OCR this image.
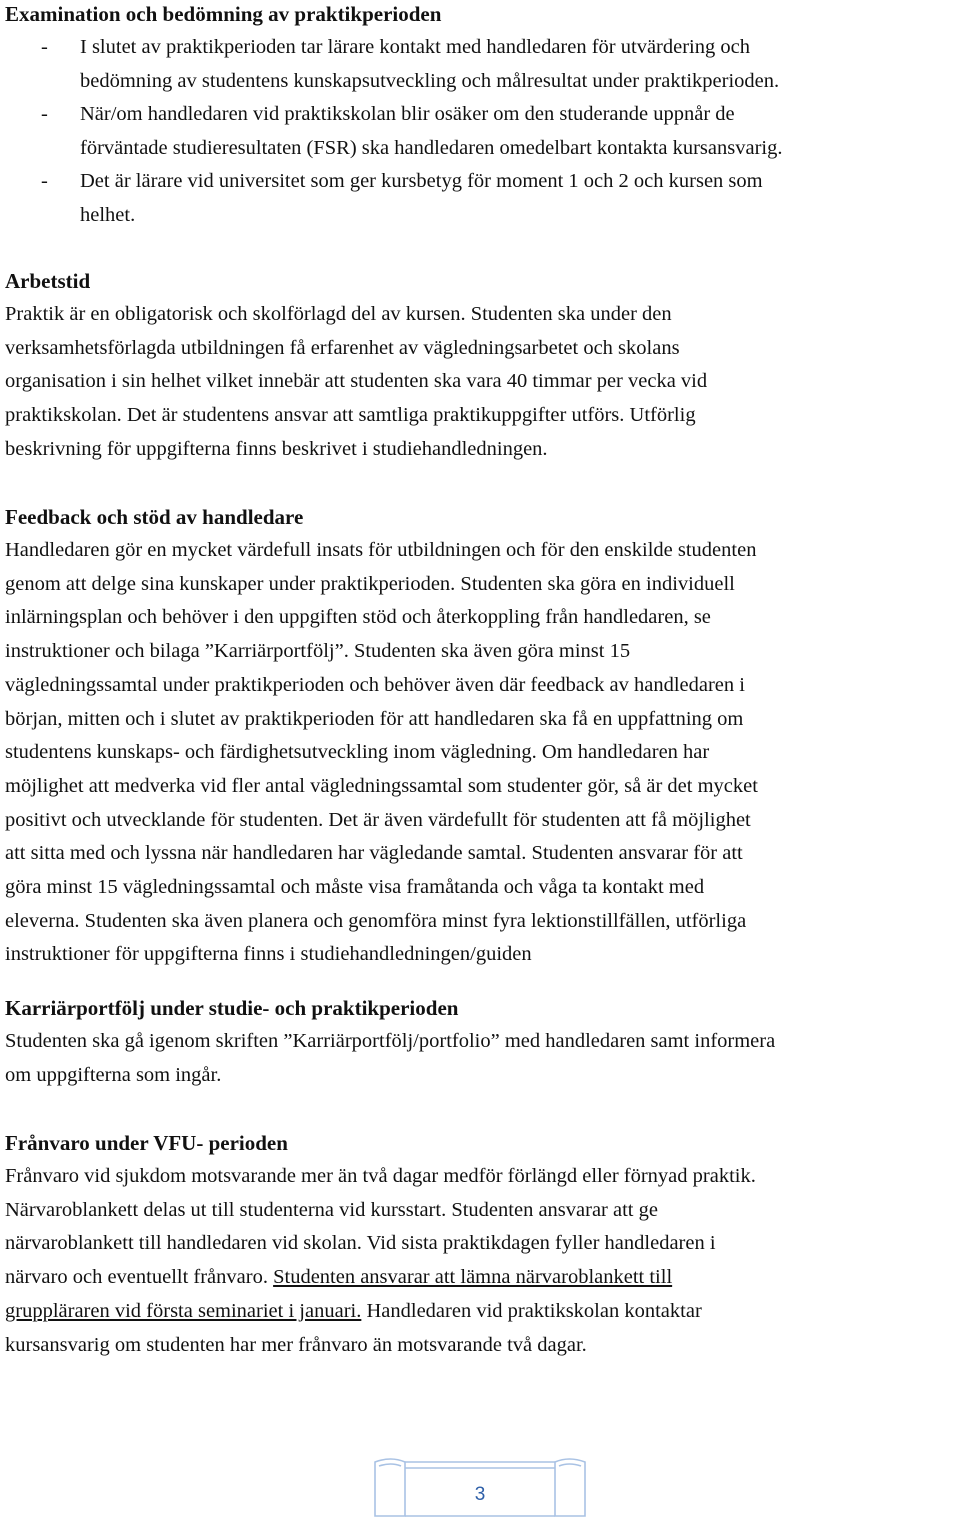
Examination och bedömning av praktikperioden
- I slutet av praktikperioden tar lärare kontakt med handledaren för utvärdering och
bedömning av studentens kunskapsutveckling och målresultat under praktikperioden.
- När/om handledaren vid praktikskolan blir osäker om den studerande uppnår de
förväntade studieresultaten (FSR) ska handledaren omedelbart kontakta kursansvarig.
- Det är lärare vid universitet som ger kursbetyg för moment 1 och 2 och kursen som
helhet.
Arbetstid

Praktik är en obligatorisk och skolförlagd del av kursen. Studenten ska under den
verksamhetsförlagda utbildningen få erfarenhet av vägledningsarbetet och skolans
organisation i sin helhet vilket innebär att studenten ska vara 40 timmar per vecka vid
praktikskolan. Det är studentens ansvar att samtliga praktikuppgifter utförs. Utförlig
beskrivning för uppgifterna finns beskrivet i studiehandledningen.

Feedback och stöd av handledare

Handledaren gör en mycket värdefull insats för utbildningen och för den enskilde studenten
genom att delge sina kunskaper under praktikperioden. Studenten ska göra en individuell
inlärningsplan och behöver i den uppgiften stöd och återkoppling från handledaren, se
instruktioner och bilaga ”Karriärportfölj”. Studenten ska även göra minst 15
vägledningssamtal under praktikperioden och behöver även där feedback av handledaren i
början, mitten och i slutet av praktikperioden för att handledaren ska få en uppfattning om
studentens kunskaps- och färdighetsutveckling inom vägledning. Om handledaren har
möjlighet att medverka vid fler antal vägledningssamtal som studenter gör, så är det mycket
positivt och utvecklande för studenten. Det är även värdefullt för studenten att få möjlighet
att sitta med och lyssna när handledaren har vägledande samtal. Studenten ansvarar för att
göra minst 15 vägledningssamtal och måste visa framåtanda och våga ta kontakt med
eleverna. Studenten ska även planera och genomföra minst fyra lektionstillfällen, utförliga
instruktioner för uppgifterna finns i studiehandledningen/guiden

Karriärportfölj under studie- och praktikperioden

Studenten ska gå igenom skriften ”Karriärportfölj/portfolio” med handledaren samt informera
om uppgifterna som ingår.

Frånvaro under VFU- perioden

Frånvaro vid sjukdom motsvarande mer än två dagar medför förlängd eller förnyad praktik.
Närvaroblankett delas ut till studenterna vid kursstart. Studenten ansvarar att ge
närvaroblankett till handledaren vid skolan. Vid sista praktikdagen fyller handledaren i
närvaro och eventuellt frånvaro. Studenten ansvarar att lämna närvaroblankett till
gruppläraren vid första seminariet i januari. Handledaren vid praktikskolan kontaktar
kursansvarig om studenten har mer frånvaro än motsvarande två dagar.

3
